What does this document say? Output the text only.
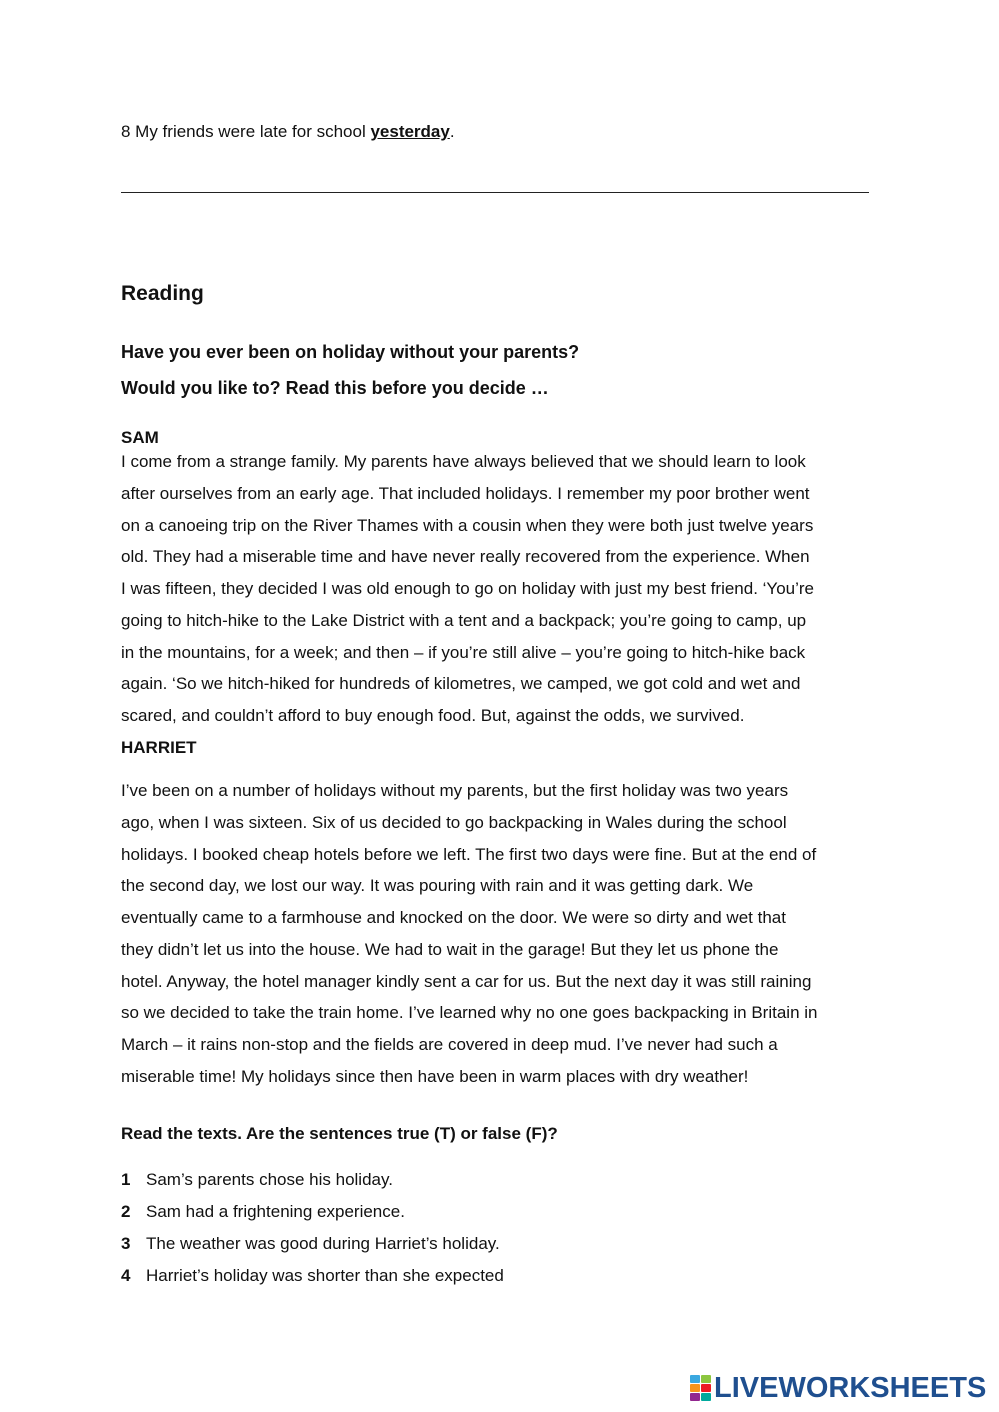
8 My friends were late for school yesterday.
Reading
Have you ever been on holiday without your parents?
Would you like to? Read this before you decide …
SAM
I come from a strange family. My parents have always believed that we should learn to look
after ourselves from an early age. That included holidays. I remember my poor brother went
on a canoeing trip on the River Thames with a cousin when they were both just twelve years
old. They had a miserable time and have never really recovered from the experience. When
I was fifteen, they decided I was old enough to go on holiday with just my best friend. ‘You’re
going to hitch-hike to the Lake District with a tent and a backpack; you’re going to camp, up
in the mountains, for a week; and then – if you’re still alive – you’re going to hitch-hike back
again. ‘So we hitch-hiked for hundreds of kilometres, we camped, we got cold and wet and
scared, and couldn’t afford to buy enough food. But, against the odds, we survived.
HARRIET
I’ve been on a number of holidays without my parents, but the first holiday was two years
ago, when I was sixteen. Six of us decided to go backpacking in Wales during the school
holidays. I booked cheap hotels before we left. The first two days were fine. But at the end of
the second day, we lost our way. It was pouring with rain and it was getting dark. We
eventually came to a farmhouse and knocked on the door. We were so dirty and wet that
they didn’t let us into the house. We had to wait in the garage! But they let us phone the
hotel. Anyway, the hotel manager kindly sent a car for us. But the next day it was still raining
so we decided to take the train home. I’ve learned why no one goes backpacking in Britain in
March – it rains non-stop and the fields are covered in deep mud. I’ve never had such a
miserable time! My holidays since then have been in warm places with dry weather!
Read the texts. Are the sentences true (T) or false (F)?
1 Sam’s parents chose his holiday.
2 Sam had a frightening experience.
3 The weather was good during Harriet’s holiday.
4 Harriet’s holiday was shorter than she expected
LIVEWORKSHEETS
